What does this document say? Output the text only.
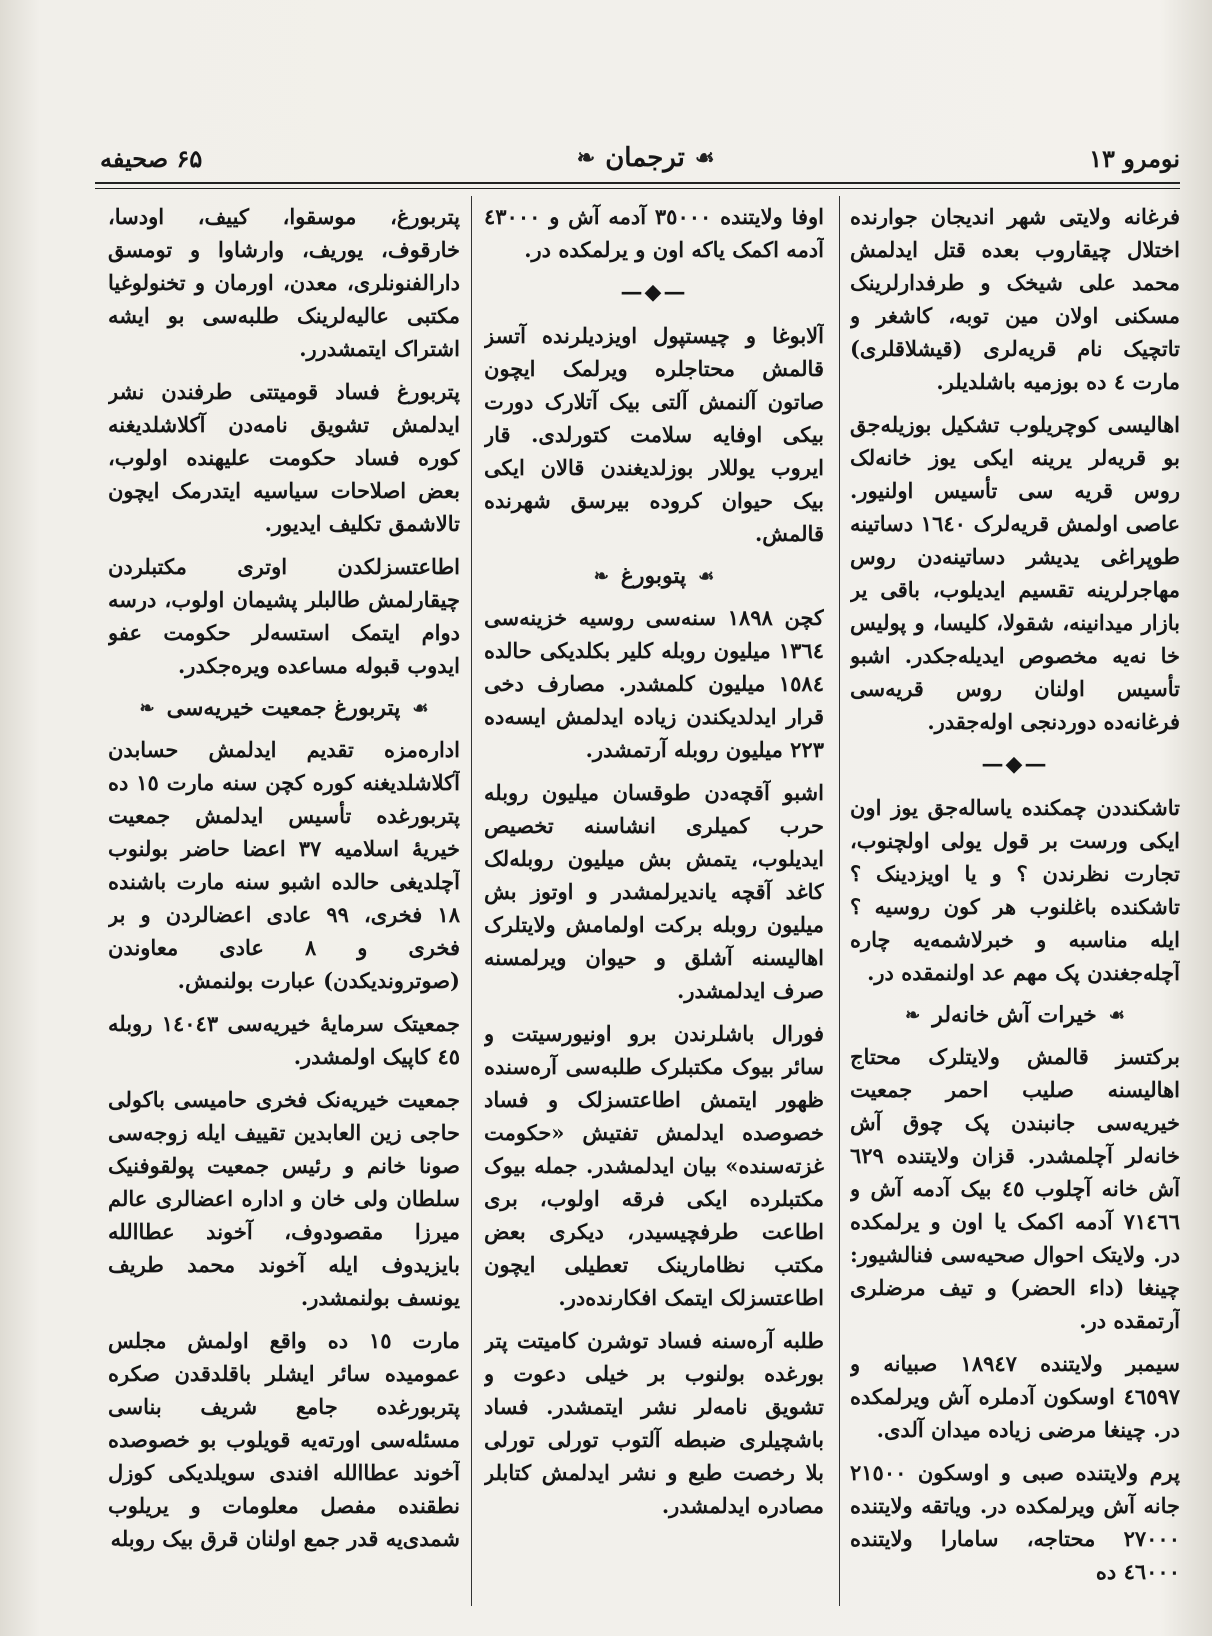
نومرو ۱۳
☙
ترجمان
❧
۶۵ صحیفه

فرغانه ولایتی شهر اندیجان جوارنده اختلال چیقاروب بعده قتل ایدلمش محمد علی شیخک و طرفدارلرینک مسکنی اولان مین توبه، کاشغر و تاتچیک نام قریه‌لری (قیشلاقلری) مارت ٤ ده بوزمیه باشلدیلر.

اهالیسی کوچریلوب تشکیل بوزیله‌جق بو قریه‌لر یرینه ایکی یوز خانه‌لک روس قریه سی تأسیس اولنیور. عاصی اولمش قریه‌لرک ۱٦٤۰ دساتینه طوپراغی یدیشر دساتینه‌دن روس مهاجرلرینه تقسیم ایدیلوب، باقی یر بازار میدانینه، شقولا، کلیسا، و پولیس خا نه‌یه مخصوص ایدیله‌جکدر. اشبو تأسیس اولنان روس قریه‌سی فرغانه‌ده دوردنجی اوله‌جقدر.

—◆—

تاشکنددن چمکنده یاساله‌جق یوز اون ایکی ورست بر قول یولی اولچنوب، تجارت نظرندن ؟ و یا اویزدینک ؟ تاشکنده باغلنوب هر کون روسیه ؟ ایله مناسبه و خبرلاشمه‌یه چاره آچله‌جغندن پک مهم عد اولنمقده در.

☙
خیرات آش خانه‌لر
❧

برکتسز قالمش ولایتلرک محتاج اهالیسنه صلیب احمر جمعیت خیریه‌سی جانبندن پک چوق آش خانه‌لر آچلمشدر. قزان ولایتنده ٦۲۹ آش خانه آچلوب ٤٥ بیک آدمه آش و ۷۱٤٦٦ آدمه اکمک یا اون و یرلمکده در. ولایتک احوال صحیه‌سی فنالشیور: چینغا (داء الحضر) و تیف مرضلری آرتمقده در.

سیمبر ولایتنده ۱۸۹٤۷ صبیانه و ٤٦٥۹۷ اوسکون آدملره آش ویرلمکده در. چینغا مرضی زیاده میدان آلدی.

پرم ولایتنده صبی و اوسکون ۲۱٥۰۰ جانه آش ویرلمکده در. ویاتقه ولایتنده ۲۷۰۰۰ محتاجه، سامارا ولایتنده ٤٦۰۰۰ ده

اوفا ولایتنده ۳٥۰۰۰ آدمه آش و ٤۳۰۰۰ آدمه اکمک یاکه اون و یرلمکده در.

—◆—

آلابوغا و چیستپول اویزدیلرنده آتسز قالمش محتاجلره ویرلمک ایچون صاتون آلنمش آلتی بیک آتلارک دورت بیکی اوفایه سلامت کتورلدی. قار ایروب یوللار بوزلدیغندن قالان ایکی بیک حیوان کروده بیرسق شهرنده قالمش.

☙
پتوبورغ
❧

کچن ۱۸۹۸ سنه‌سی روسیه خزینه‌سی ۱۳٦٤ میلیون روبله کلیر بکلدیکی حالده ۱٥۸٤ میلیون کلمشدر. مصارف دخی قرار ایدلدیکندن زیاده ایدلمش ایسه‌ده ۲۲۳ میلیون روبله آرتمشدر.

اشبو آقچه‌دن طوقسان میلیون روبله حرب کمیلری انشاسنه تخصیص ایدیلوب، یتمش بش میلیون روبله‌لک کاغد آقچه یاندیرلمشدر و اوتوز بش میلیون روبله برکت اولمامش ولایتلرک اهالیسنه آشلق و حیوان ویرلمسنه صرف ایدلمشدر.

فورال باشلرندن برو اونیورسیتت و سائر بیوک مکتبلرک طلبه‌سی آره‌سنده ظهور ایتمش اطاعتسزلک و فساد خصوصده ایدلمش تفتیش «حکومت غزته‌سنده» بیان ایدلمشدر. جمله بیوک مکتبلرده ایکی فرقه اولوب، بری اطاعت طرفچیسیدر، دیکری بعض مکتب نظامارینک تعطیلی ایچون اطاعتسزلک ایتمک افکارنده‌در.

طلبه آره‌سنه فساد توشرن کامیتت پتر بورغده بولنوب بر خیلی دعوت و تشویق نامه‌لر نشر ایتمشدر. فساد باشچیلری ضبطه آلتوب تورلی تورلی بلا رخصت طبع و نشر ایدلمش کتابلر مصادره ایدلمشدر.

پتربورغ، موسقوا، کییف، اودسا، خارقوف، یوریف، وارشاوا و تومسق دارالفنونلری، معدن، اورمان و تخنولوغیا مکتبی عالیه‌لرینک طلبه‌سی بو ایشه اشتراک ایتمشدرر.

پتربورغ فساد قومیتتی طرفندن نشر ایدلمش تشویق نامه‌دن آکلاشلدیغنه کوره فساد حکومت علیهنده اولوب، بعض اصلاحات سیاسیه ایتدرمک ایچون تالاشمق تکلیف ایدیور.

اطاعتسزلکدن اوتری مکتبلردن چیقارلمش طالبلر پشیمان اولوب، درسه دوام ایتمک استسه‌لر حکومت عفو ایدوب قبوله مساعده ویره‌جکدر.

☙
پتربورغ جمعیت خیریه‌سی
❧

اداره‌مزه تقدیم ایدلمش حسابدن آکلاشلدیغنه کوره کچن سنه مارت ۱٥ ده پتربورغده تأسیس ایدلمش جمعیت خیریهٔ اسلامیه ۳۷ اعضا حاضر بولنوب آچلدیغی حالده اشبو سنه مارت باشنده ۱۸ فخری، ۹۹ عادی اعضالردن و بر فخری و ۸ عادی معاوندن (صوتروندیکدن) عبارت بولنمش.

جمعیتک سرمایهٔ خیریه‌سی ۱٤۰٤۳ روبله ٤٥ کاپیک اولمشدر.

جمعیت خیریه‌نک فخری حامیسی باکولی حاجی زین العابدین تقییف ایله زوجه‌سی صونا خانم و رئیس جمعیت پولقوفنیک سلطان ولی خان و اداره اعضالری عالم میرزا مقصودوف، آخوند عطاالله بایزیدوف ایله آخوند محمد طریف یونسف بولنمشدر.

مارت ۱٥ ده واقع اولمش مجلس عمومیده سائر ایشلر باقلدقدن صکره پتربورغده جامع شریف بناسی مسئله‌سی اورته‌یه قویلوب بو خصوصده آخوند عطاالله افندی سویلدیکی کوزل نطقنده مفصل معلومات و یریلوب شمدی‌یه قدر جمع اولنان قرق بیک روبله
